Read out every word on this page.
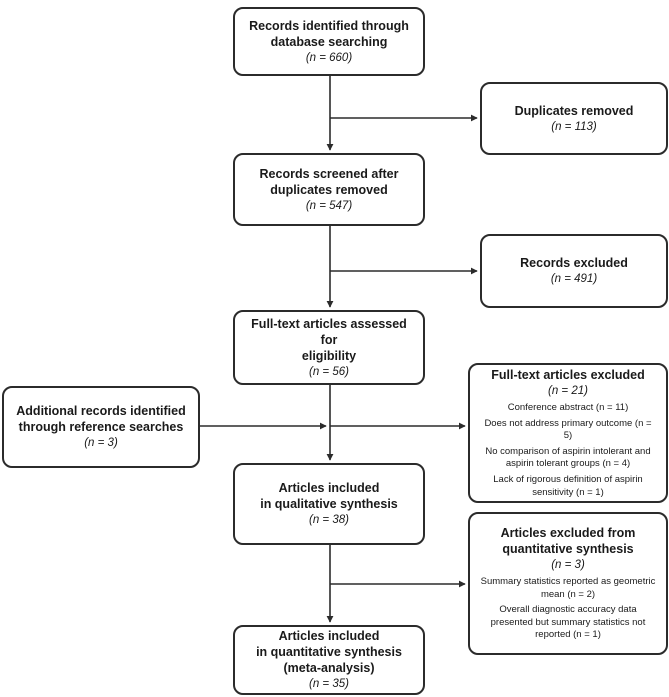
Records identified through
database searching
(n = 660)
Records screened after
duplicates removed
(n = 547)
Full-text articles assessed for
eligibility
(n = 56)
Articles included
in qualitative synthesis
(n = 38)
Articles included
in quantitative synthesis
(meta-analysis)
(n = 35)
Additional records identified
through reference searches
(n = 3)
Duplicates removed
(n = 113)
Records excluded
(n = 491)
Full-text articles excluded
(n = 21)
Conference abstract (n = 11)
Does not address primary outcome (n = 5)
No comparison of aspirin intolerant and aspirin tolerant groups (n = 4)
Lack of rigorous definition of aspirin sensitivity (n = 1)
Articles excluded from
quantitative synthesis
(n = 3)
Summary statistics reported as geometric mean (n = 2)
Overall diagnostic accuracy data presented but summary statistics not reported (n = 1)
